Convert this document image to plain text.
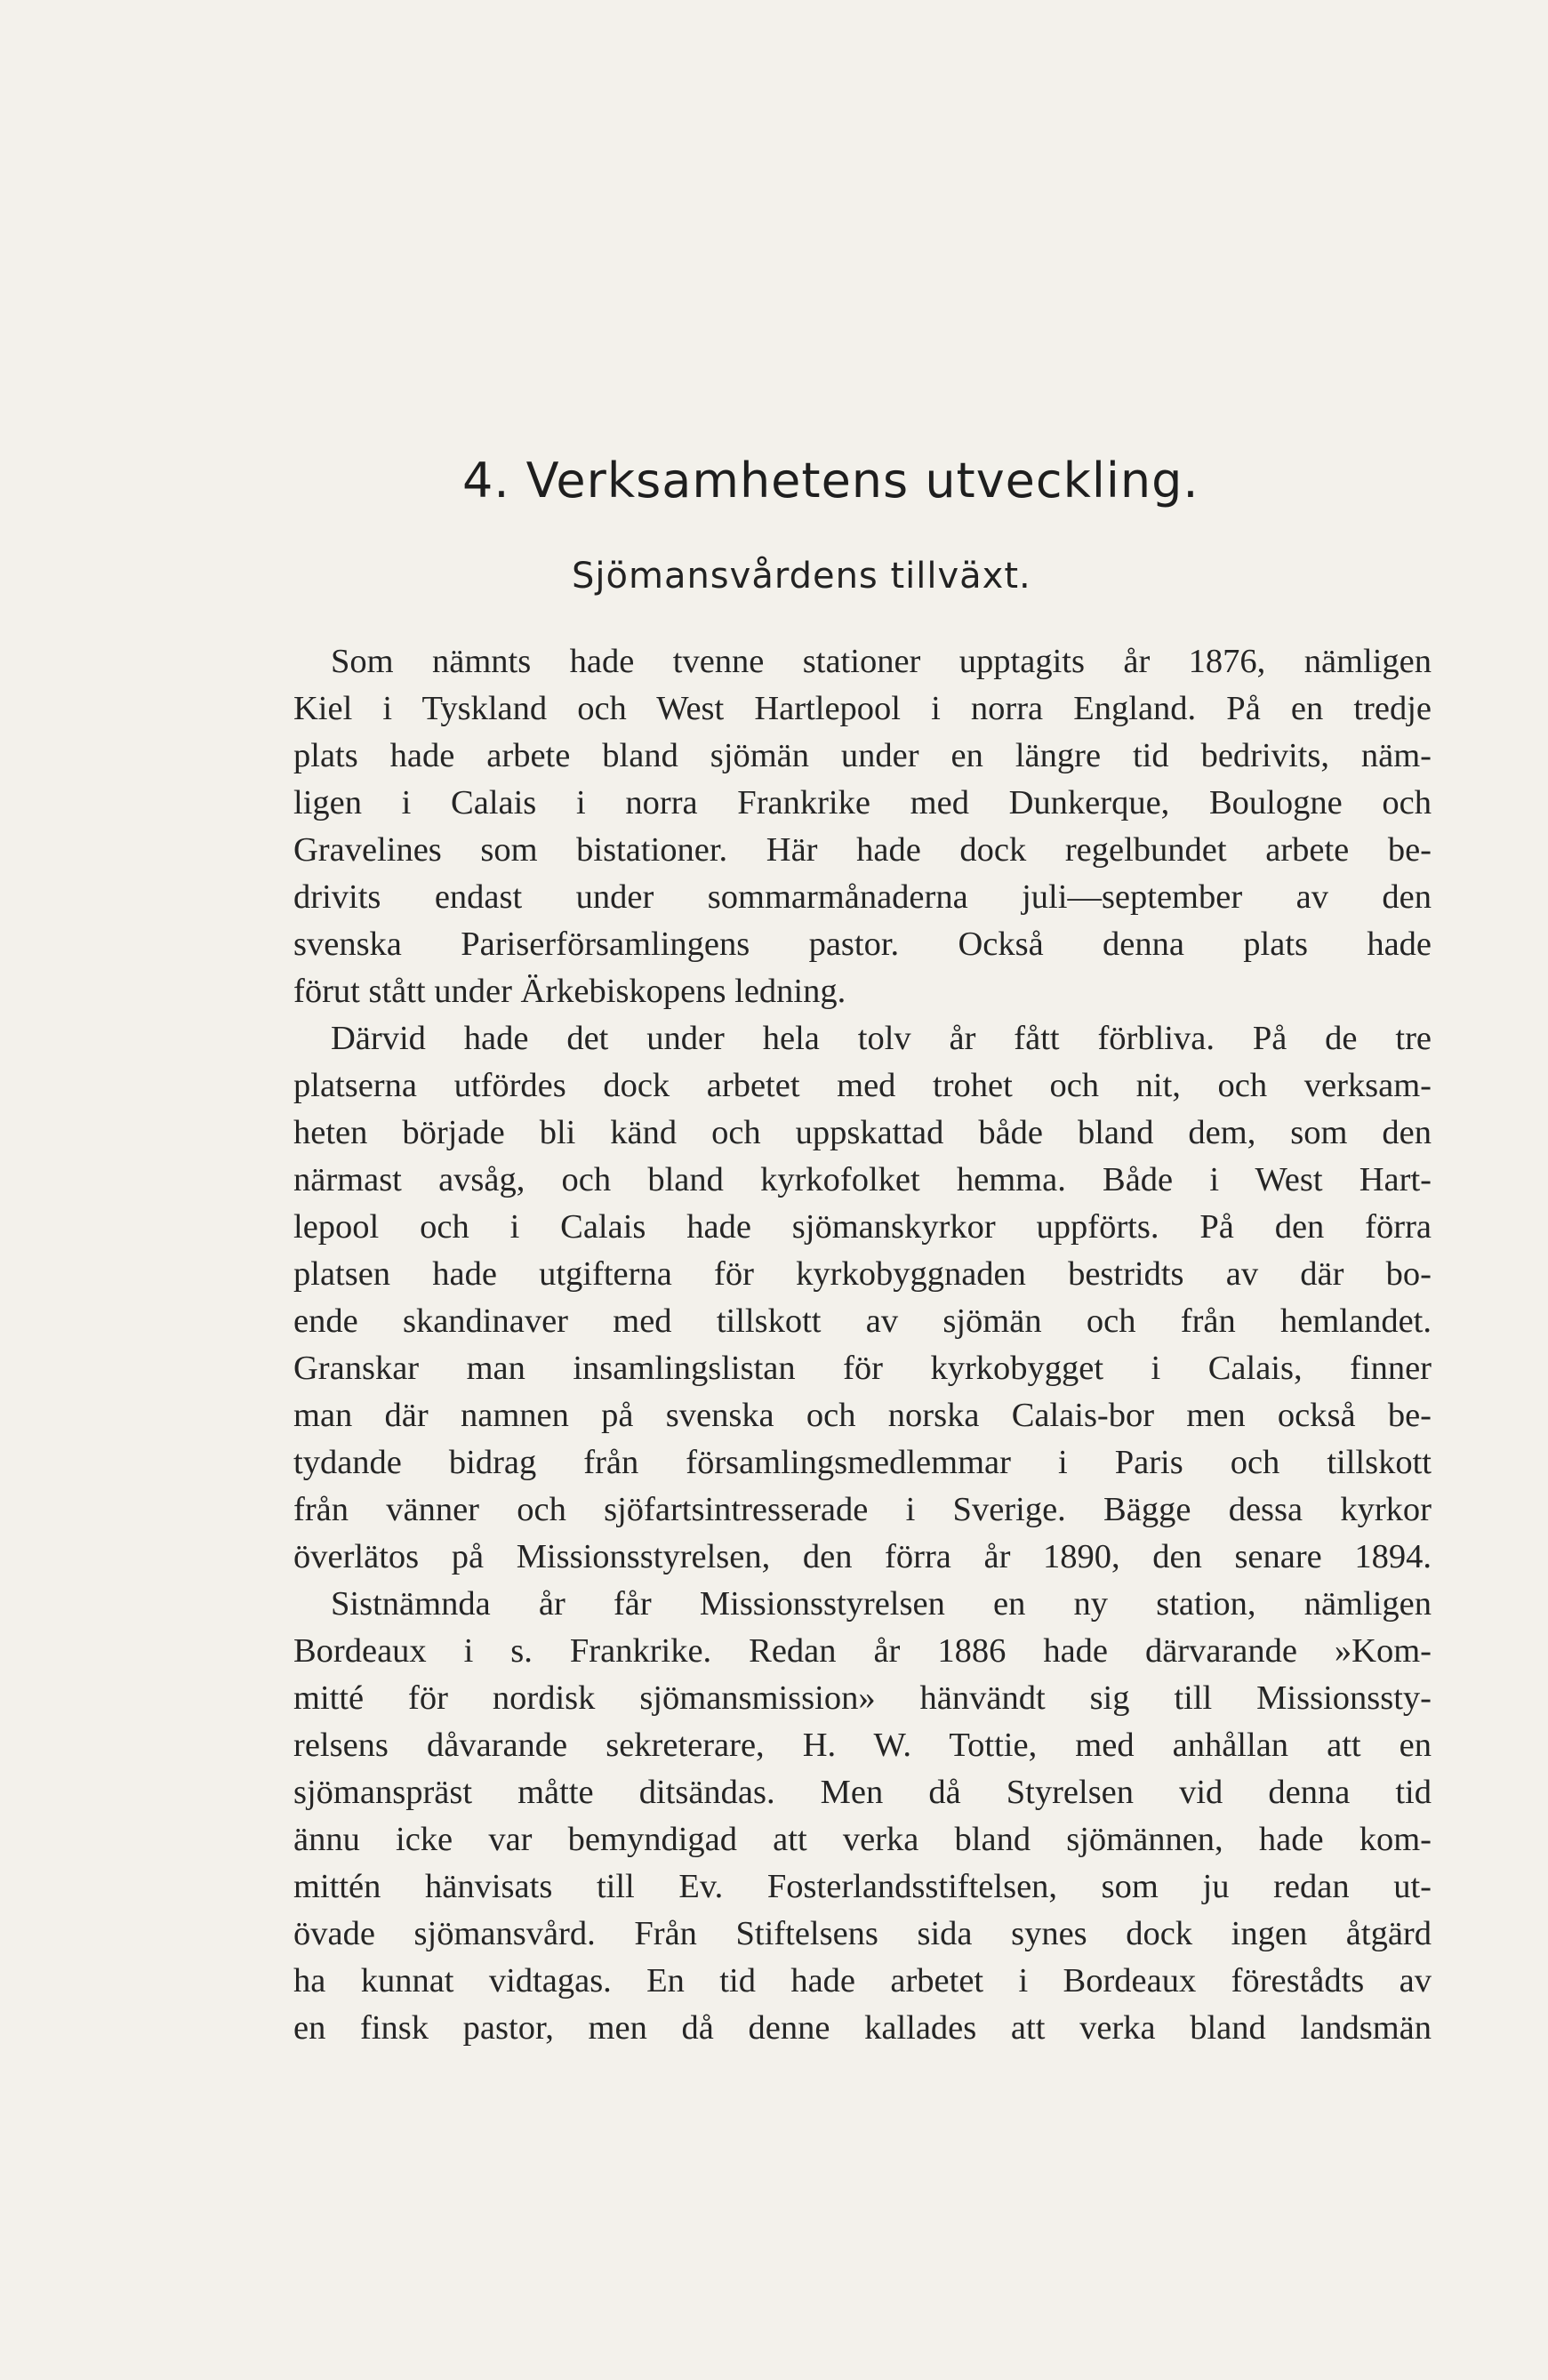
4. Verksamhetens utveckling.
Sjömansvårdens tillväxt.
Som nämnts hade tvenne stationer upptagits år 1876, nämligen
Kiel i Tyskland och West Hartlepool i norra England. På en tredje
plats hade arbete bland sjömän under en längre tid bedrivits, näm-
ligen i Calais i norra Frankrike med Dunkerque, Boulogne och
Gravelines som bistationer. Här hade dock regelbundet arbete be-
drivits endast under sommarmånaderna juli—september av den
svenska Pariserförsamlingens pastor. Också denna plats hade
förut stått under Ärkebiskopens ledning.
Därvid hade det under hela tolv år fått förbliva. På de tre
platserna utfördes dock arbetet med trohet och nit, och verksam-
heten började bli känd och uppskattad både bland dem, som den
närmast avsåg, och bland kyrkofolket hemma. Både i West Hart-
lepool och i Calais hade sjömanskyrkor uppförts. På den förra
platsen hade utgifterna för kyrkobyggnaden bestridts av där bo-
ende skandinaver med tillskott av sjömän och från hemlandet.
Granskar man insamlingslistan för kyrkobygget i Calais, finner
man där namnen på svenska och norska Calais-bor men också be-
tydande bidrag från församlingsmedlemmar i Paris och tillskott
från vänner och sjöfartsintresserade i Sverige. Bägge dessa kyrkor
överlätos på Missionsstyrelsen, den förra år 1890, den senare 1894.
Sistnämnda år får Missionsstyrelsen en ny station, nämligen
Bordeaux i s. Frankrike. Redan år 1886 hade därvarande »Kom-
mitté för nordisk sjömansmission» hänvändt sig till Missionssty-
relsens dåvarande sekreterare, H. W. Tottie, med anhållan att en
sjömanspräst måtte ditsändas. Men då Styrelsen vid denna tid
ännu icke var bemyndigad att verka bland sjömännen, hade kom-
mittén hänvisats till Ev. Fosterlandsstiftelsen, som ju redan ut-
övade sjömansvård. Från Stiftelsens sida synes dock ingen åtgärd
ha kunnat vidtagas. En tid hade arbetet i Bordeaux förestådts av
en finsk pastor, men då denne kallades att verka bland landsmän
